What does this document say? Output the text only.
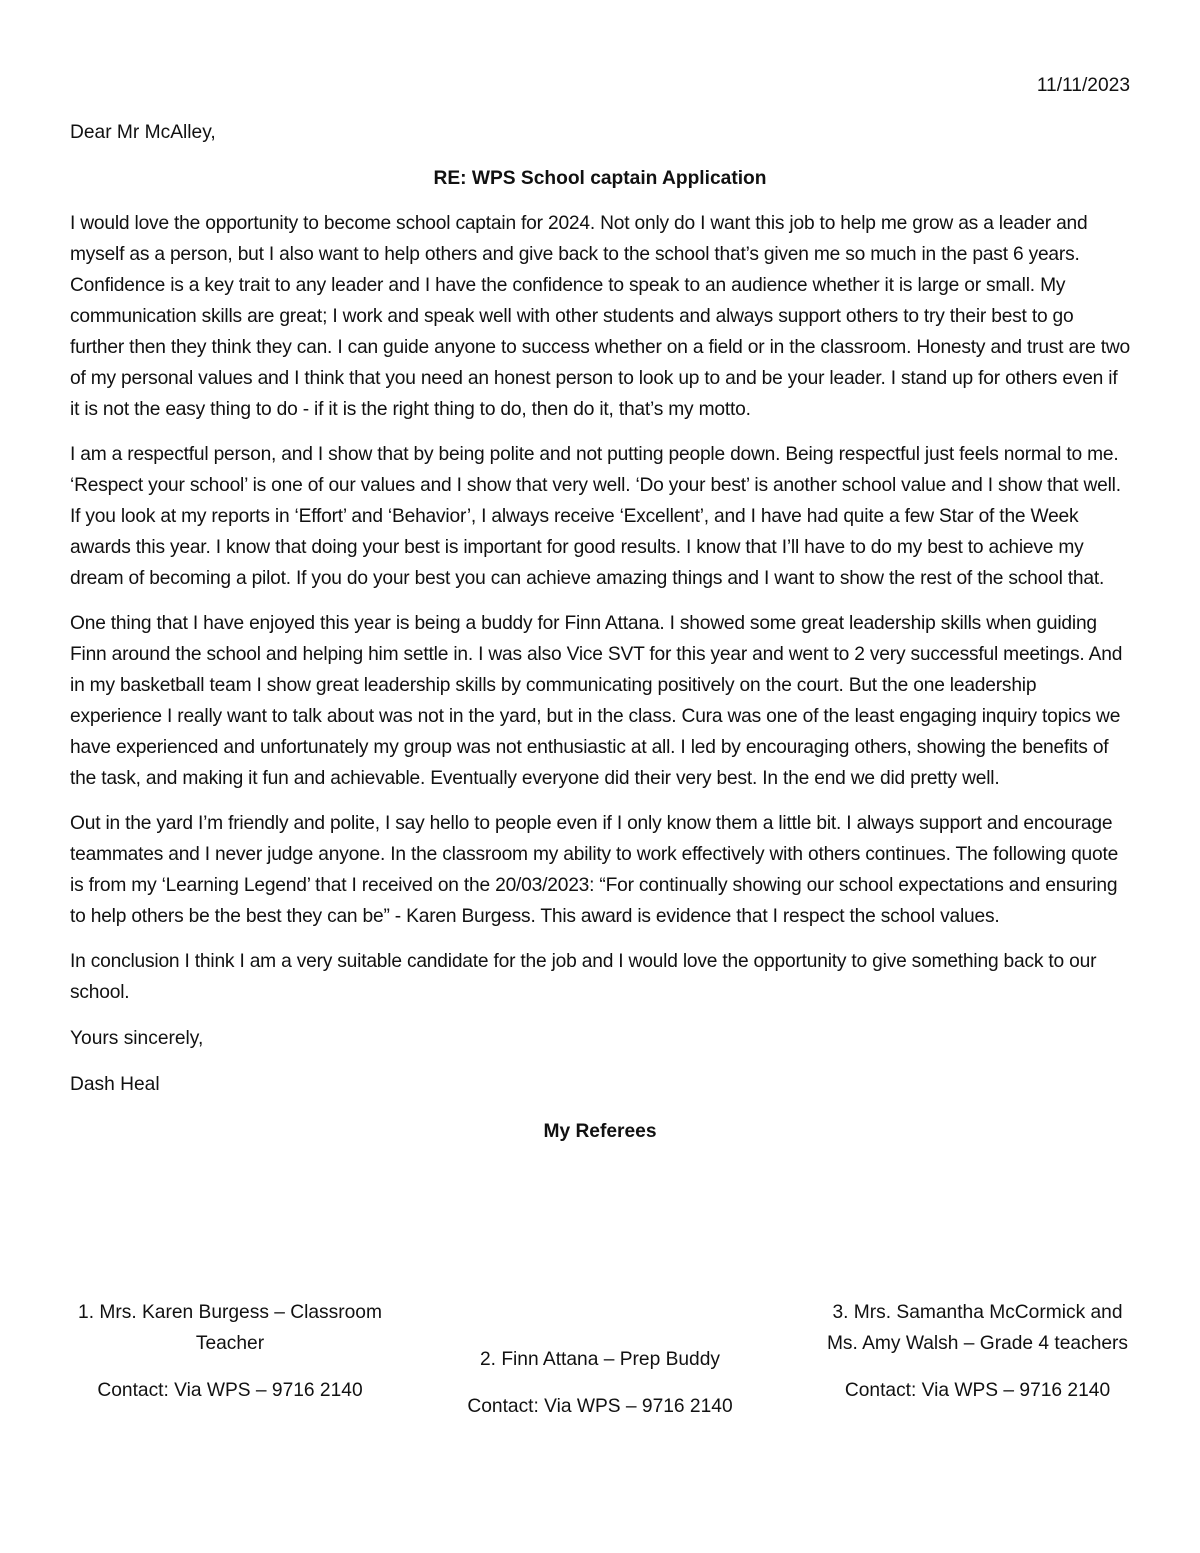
11/11/2023

Dear Mr McAlley,

RE: WPS School captain Application

I would love the opportunity to become school captain for 2024. Not only do I want this job to help me grow as a leader and myself as a person, but I also want to help others and give back to the school that’s given me so much in the past 6 years. Confidence is a key trait to any leader and I have the confidence to speak to an audience whether it is large or small. My communication skills are great; I work and speak well with other students and always support others to try their best to go further then they think they can. I can guide anyone to success whether on a field or in the classroom. Honesty and trust are two of my personal values and I think that you need an honest person to look up to and be your leader. I stand up for others even if it is not the easy thing to do - if it is the right thing to do, then do it, that’s my motto.

I am a respectful person, and I show that by being polite and not putting people down. Being respectful just feels normal to me. ‘Respect your school’ is one of our values and I show that very well. ‘Do your best’ is another school value and I show that well. If you look at my reports in ‘Effort’ and ‘Behavior’, I always receive ‘Excellent’, and I have had quite a few Star of the Week awards this year. I know that doing your best is important for good results. I know that I’ll have to do my best to achieve my dream of becoming a pilot. If you do your best you can achieve amazing things and I want to show the rest of the school that.

One thing that I have enjoyed this year is being a buddy for Finn Attana. I showed some great leadership skills when guiding Finn around the school and helping him settle in. I was also Vice SVT for this year and went to 2 very successful meetings. And in my basketball team I show great leadership skills by communicating positively on the court. But the one leadership experience I really want to talk about was not in the yard, but in the class. Cura was one of the least engaging inquiry topics we have experienced and unfortunately my group was not enthusiastic at all. I led by encouraging others, showing the benefits of the task, and making it fun and achievable. Eventually everyone did their very best. In the end we did pretty well.

Out in the yard I’m friendly and polite, I say hello to people even if I only know them a little bit. I always support and encourage teammates and I never judge anyone. In the classroom my ability to work effectively with others continues. The following quote is from my ‘Learning Legend’ that I received on the 20/03/2023: “For continually showing our school expectations and ensuring to help others be the best they can be” - Karen Burgess. This award is evidence that I respect the school values.

In conclusion I think I am a very suitable candidate for the job and I would love the opportunity to give something back to our school.

Yours sincerely,

Dash Heal

My Referees

1. Mrs. Karen Burgess – Classroom Teacher

Contact: Via WPS – 9716 2140

2. Finn Attana – Prep Buddy

Contact: Via WPS – 9716 2140

3. Mrs. Samantha McCormick and Ms. Amy Walsh – Grade 4 teachers

Contact: Via WPS – 9716 2140
